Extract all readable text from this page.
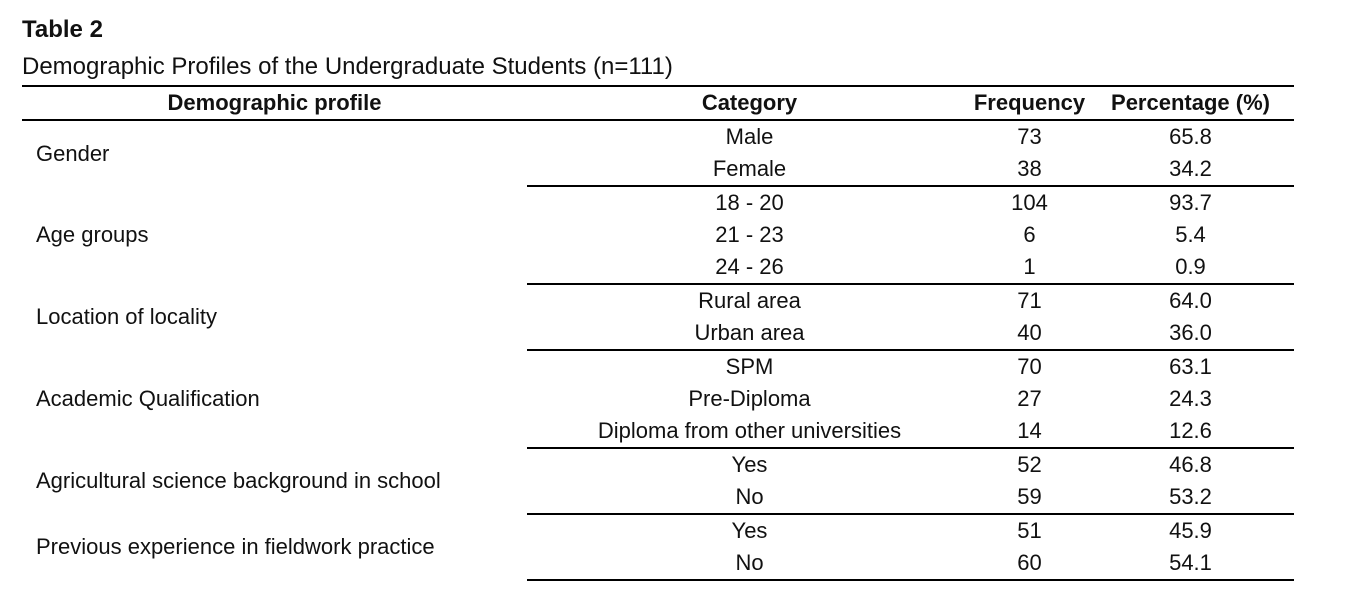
Table 2
Demographic Profiles of the Undergraduate Students (n=111)
Demographic profile	Category	Frequency	Percentage (%)
Gender	Male	73	65.8
	Female	38	34.2
Age groups	18 - 20	104	93.7
	21 - 23	6	5.4
	24 - 26	1	0.9
Location of locality	Rural area	71	64.0
	Urban area	40	36.0
Academic Qualification	SPM	70	63.1
	Pre-Diploma	27	24.3
	Diploma from other universities	14	12.6
Agricultural science background in school	Yes	52	46.8
	No	59	53.2
Previous experience in fieldwork practice	Yes	51	45.9
	No	60	54.1
